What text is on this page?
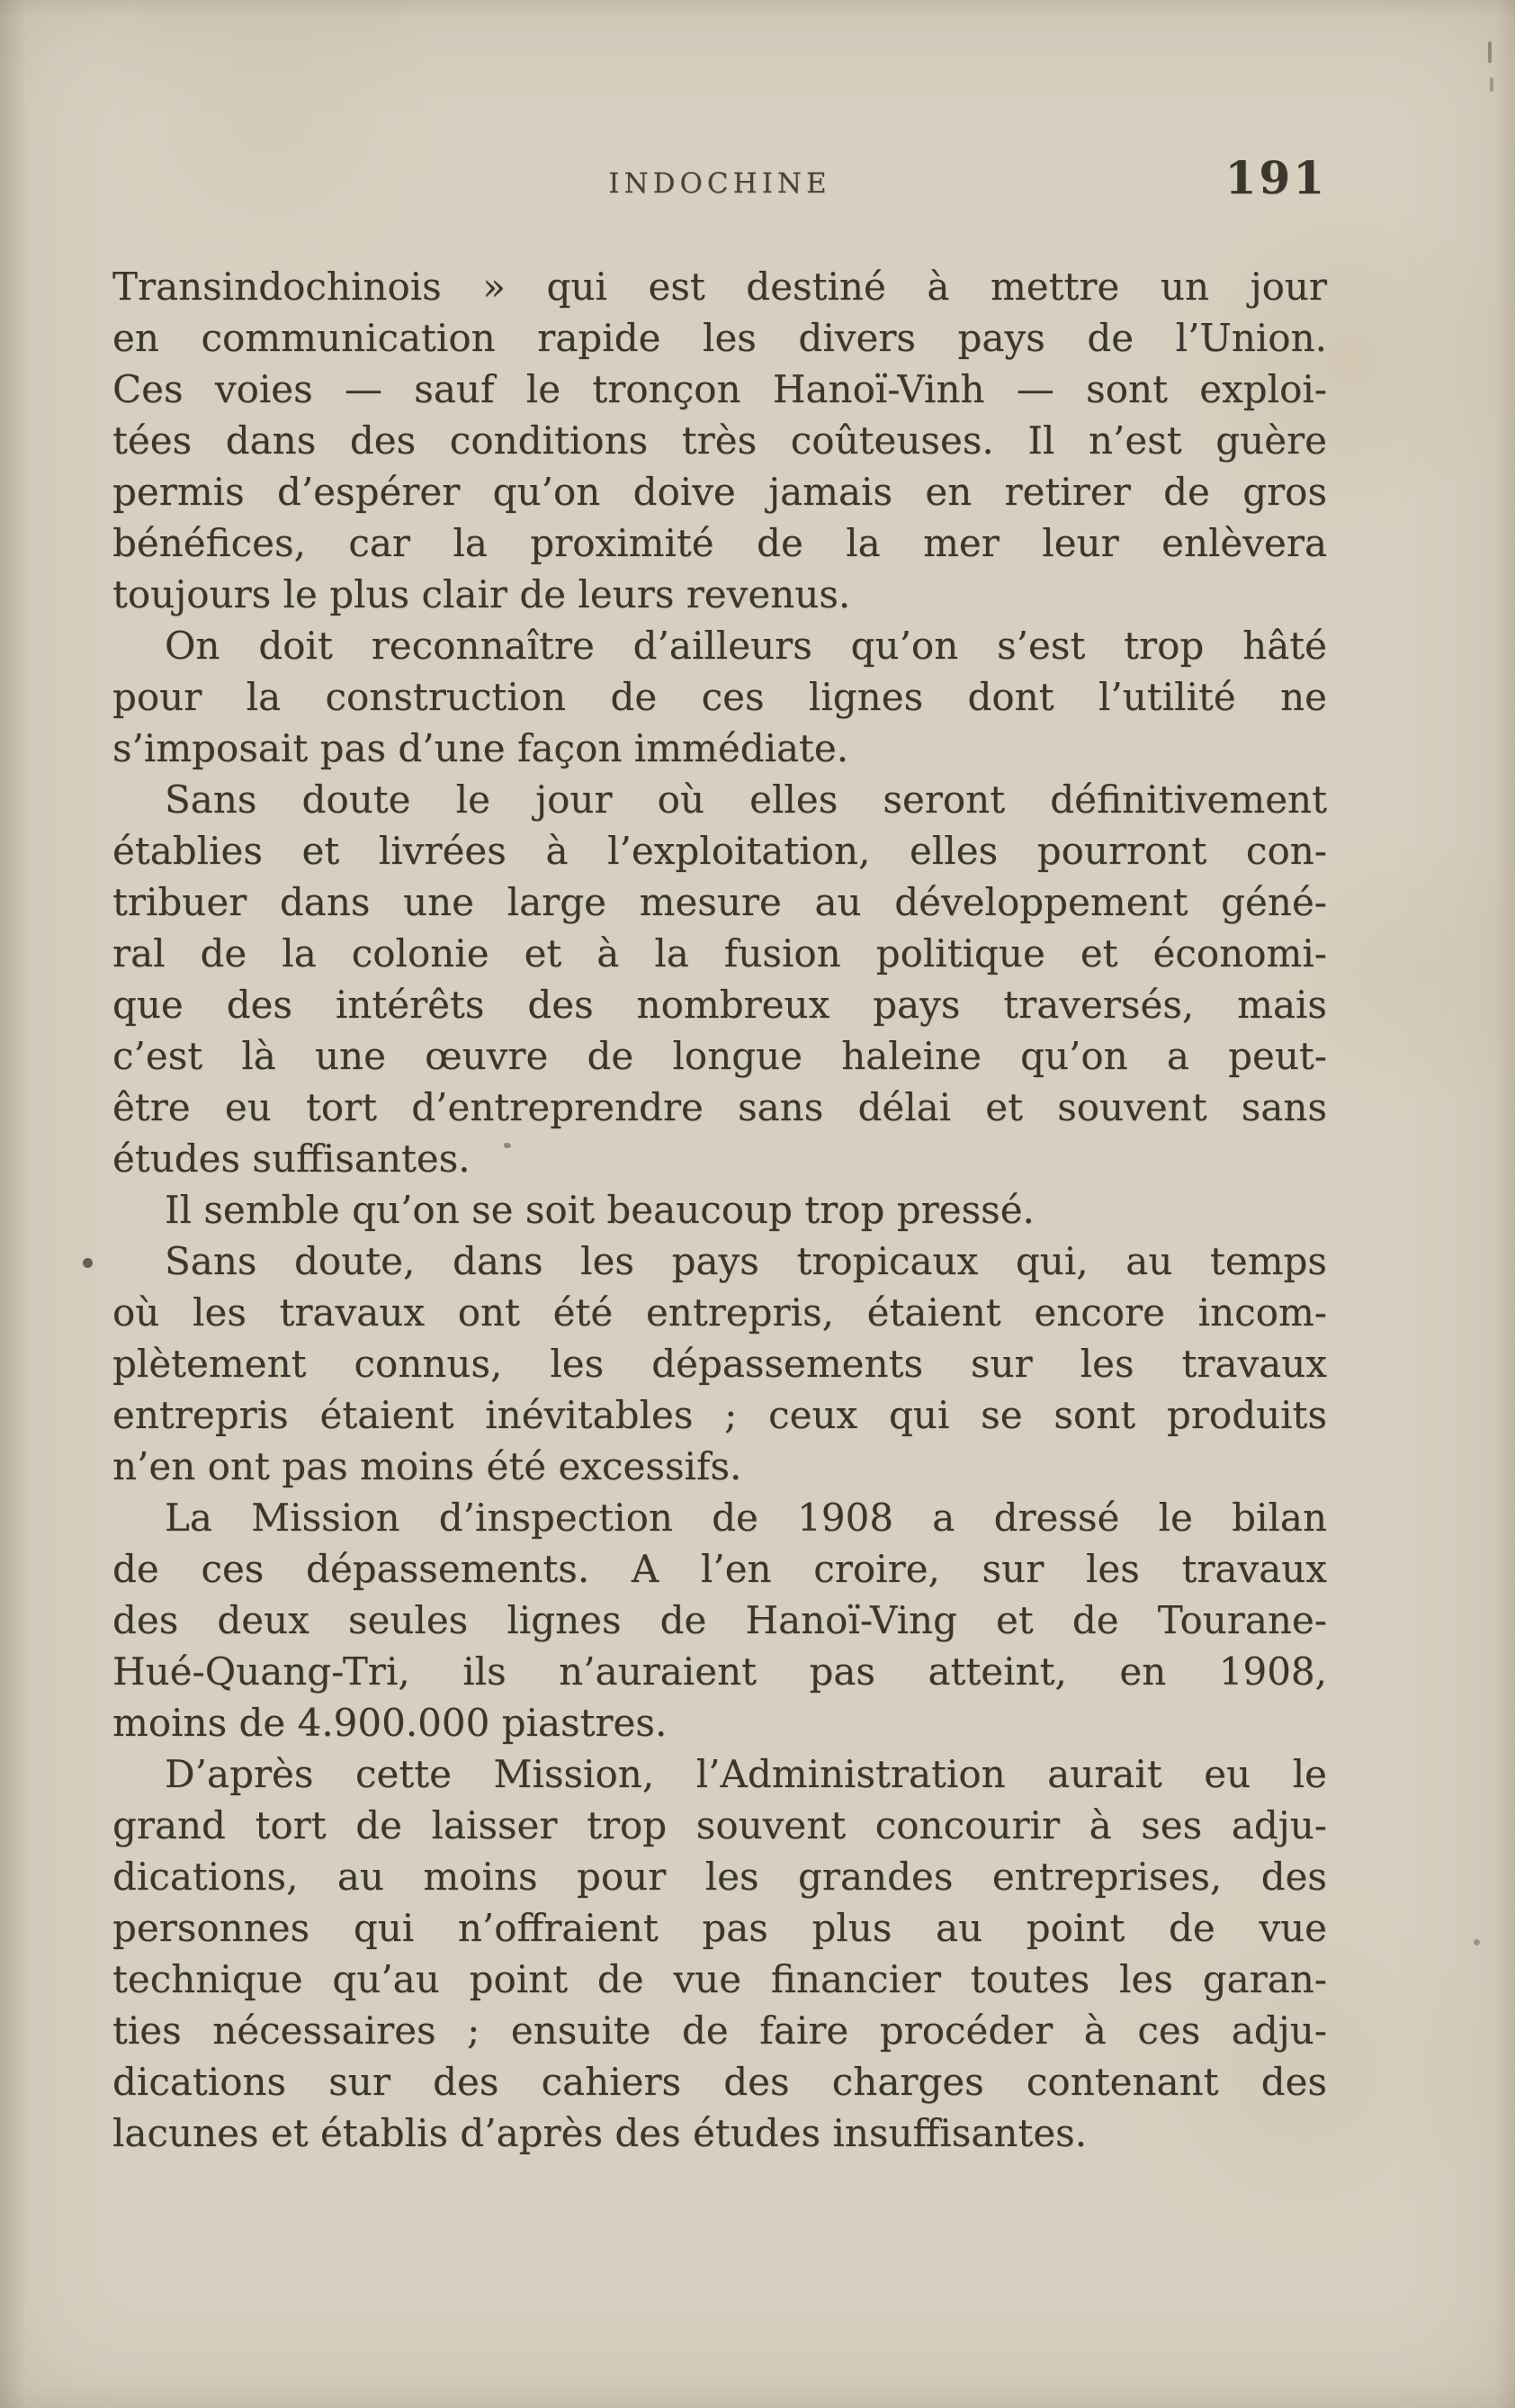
INDOCHINE	191
Transindochinois » qui est destiné à mettre un jour
en communication rapide les divers pays de l’Union.
Ces voies — sauf le tronçon Hanoï-Vinh — sont exploi-
tées dans des conditions très coûteuses. Il n’est guère
permis d’espérer qu’on doive jamais en retirer de gros
bénéfices, car la proximité de la mer leur enlèvera
toujours le plus clair de leurs revenus.
On doit reconnaître d’ailleurs qu’on s’est trop hâté
pour la construction de ces lignes dont l’utilité ne
s’imposait pas d’une façon immédiate.
Sans doute le jour où elles seront définitivement
établies et livrées à l’exploitation, elles pourront con-
tribuer dans une large mesure au développement géné-
ral de la colonie et à la fusion politique et économi-
que des intérêts des nombreux pays traversés, mais
c’est là une œuvre de longue haleine qu’on a peut-
être eu tort d’entreprendre sans délai et souvent sans
études suffisantes.
Il semble qu’on se soit beaucoup trop pressé.
Sans doute, dans les pays tropicaux qui, au temps
où les travaux ont été entrepris, étaient encore incom-
plètement connus, les dépassements sur les travaux
entrepris étaient inévitables ; ceux qui se sont produits
n’en ont pas moins été excessifs.
La Mission d’inspection de 1908 a dressé le bilan
de ces dépassements. A l’en croire, sur les travaux
des deux seules lignes de Hanoï-Ving et de Tourane-
Hué-Quang-Tri, ils n’auraient pas atteint, en 1908,
moins de 4.900.000 piastres.
D’après cette Mission, l’Administration aurait eu le
grand tort de laisser trop souvent concourir à ses adju-
dications, au moins pour les grandes entreprises, des
personnes qui n’offraient pas plus au point de vue
technique qu’au point de vue financier toutes les garan-
ties nécessaires ; ensuite de faire procéder à ces adju-
dications sur des cahiers des charges contenant des
lacunes et établis d’après des études insuffisantes.
